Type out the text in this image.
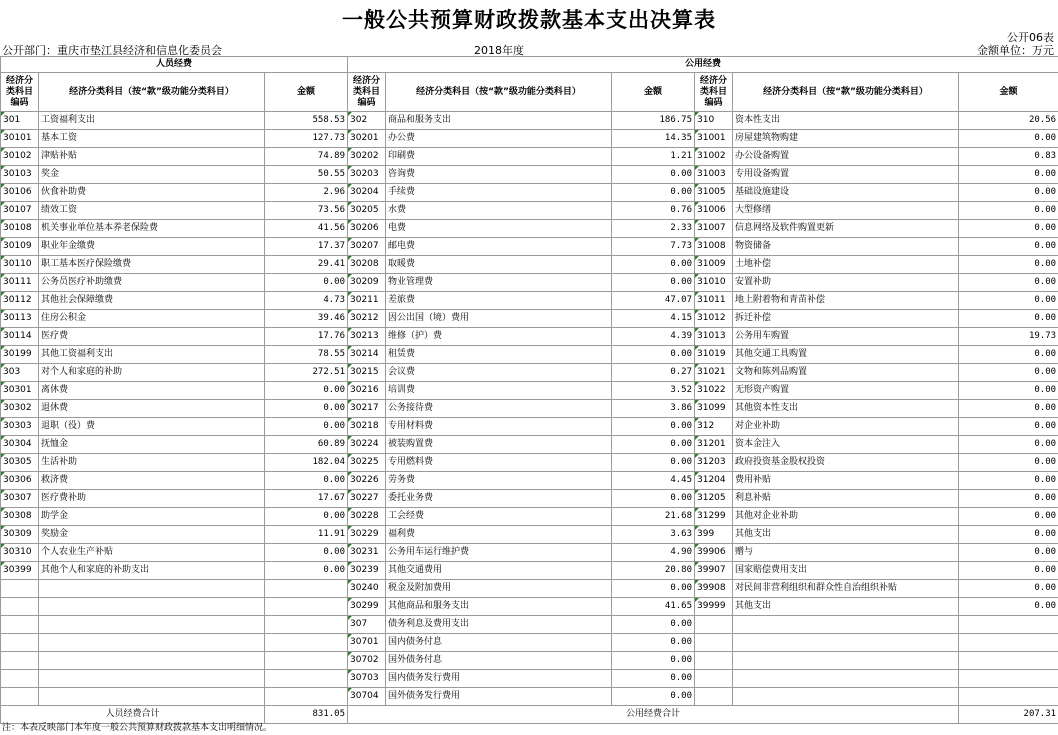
一般公共预算财政拨款基本支出决算表
公开06表
公开部门：重庆市垫江县经济和信息化委员会	2018年度	金额单位：万元
人员经费			公用经费					
经济分类科目编码	经济分类科目（按“款”级功能分类科目）	金额	经济分类科目编码	经济分类科目（按“款”级功能分类科目）	金额	经济分类科目编码	经济分类科目（按“款”级功能分类科目）	金额
301	工资福利支出	558.53	302	商品和服务支出	186.75	310	资本性支出	20.56
30101	基本工资	127.73	30201	办公费	14.35	31001	房屋建筑物购建	0.00
30102	津贴补贴	74.89	30202	印刷费	1.21	31002	办公设备购置	0.83
30103	奖金	50.55	30203	咨询费	0.00	31003	专用设备购置	0.00
30106	伙食补助费	2.96	30204	手续费	0.00	31005	基础设施建设	0.00
30107	绩效工资	73.56	30205	水费	0.76	31006	大型修缮	0.00
30108	机关事业单位基本养老保险费	41.56	30206	电费	2.33	31007	信息网络及软件购置更新	0.00
30109	职业年金缴费	17.37	30207	邮电费	7.73	31008	物资储备	0.00
30110	职工基本医疗保险缴费	29.41	30208	取暖费	0.00	31009	土地补偿	0.00
30111	公务员医疗补助缴费	0.00	30209	物业管理费	0.00	31010	安置补助	0.00
30112	其他社会保障缴费	4.73	30211	差旅费	47.07	31011	地上附着物和青苗补偿	0.00
30113	住房公积金	39.46	30212	因公出国（境）费用	4.15	31012	拆迁补偿	0.00
30114	医疗费	17.76	30213	维修（护）费	4.39	31013	公务用车购置	19.73
30199	其他工资福利支出	78.55	30214	租赁费	0.00	31019	其他交通工具购置	0.00
303	对个人和家庭的补助	272.51	30215	会议费	0.27	31021	文物和陈列品购置	0.00
30301	离休费	0.00	30216	培训费	3.52	31022	无形资产购置	0.00
30302	退休费	0.00	30217	公务接待费	3.86	31099	其他资本性支出	0.00
30303	退职（役）费	0.00	30218	专用材料费	0.00	312	对企业补助	0.00
30304	抚恤金	60.89	30224	被装购置费	0.00	31201	资本金注入	0.00
30305	生活补助	182.04	30225	专用燃料费	0.00	31203	政府投资基金股权投资	0.00
30306	救济费	0.00	30226	劳务费	4.45	31204	费用补贴	0.00
30307	医疗费补助	17.67	30227	委托业务费	0.00	31205	利息补贴	0.00
30308	助学金	0.00	30228	工会经费	21.68	31299	其他对企业补助	0.00
30309	奖励金	11.91	30229	福利费	3.63	399	其他支出	0.00
30310	个人农业生产补贴	0.00	30231	公务用车运行维护费	4.90	39906	赠与	0.00
30399	其他个人和家庭的补助支出	0.00	30239	其他交通费用	20.80	39907	国家赔偿费用支出	0.00
			30240	税金及附加费用	0.00	39908	对民间非营利组织和群众性自治组织补贴	0.00
			30299	其他商品和服务支出	41.65	39999	其他支出	0.00
			307	债务利息及费用支出	0.00			
			30701	国内债务付息	0.00			
			30702	国外债务付息	0.00			
			30703	国内债务发行费用	0.00			
			30704	国外债务发行费用	0.00			
人员经费合计		831.05	公用经费合计					207.31
注：本表反映部门本年度一般公共预算财政拨款基本支出明细情况。
